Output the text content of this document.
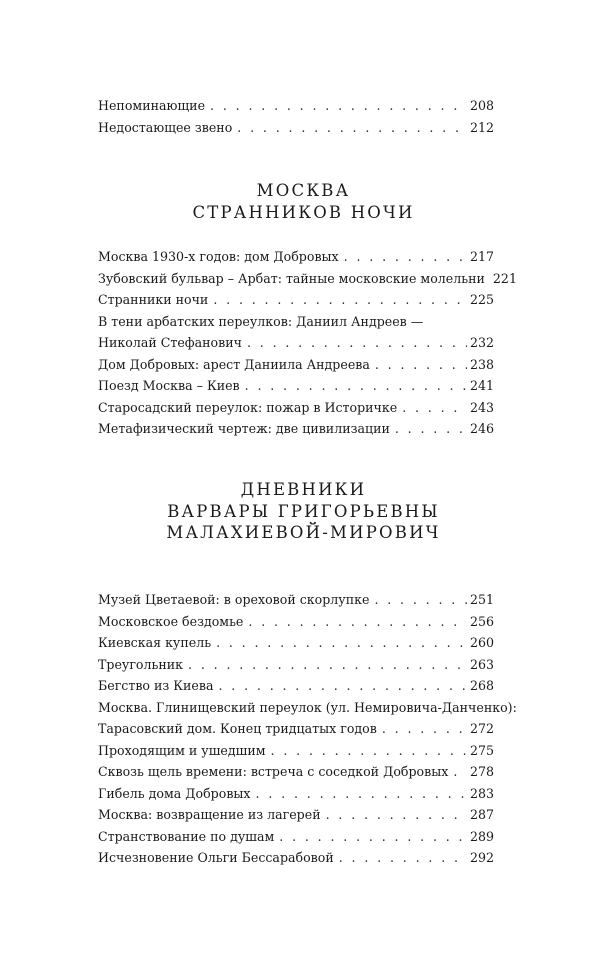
Непоминающие . . .	208
Недостающее звено . . .	212
МОСКВА
СТРАННИКОВ НОЧИ
Москва 1930-х годов: дом Добровых . . .	217
Зубовский бульвар – Арбат: тайные московские молельни 221
Странники ночи . . .	225
В тени арбатских переулков: Даниил Андреев —
Николай Стефанович . . .	232
Дом Добровых: арест Даниила Андреева . . .	238
Поезд Москва – Киев . . .	241
Старосадский переулок: пожар в Историчке . . .	243
Метафизический чертеж: две цивилизации . . .	246
ДНЕВНИКИ
ВАРВАРЫ ГРИГОРЬЕВНЫ
МАЛАХИЕВОЙ-МИРОВИЧ
Музей Цветаевой: в ореховой скорлупке . . .	251
Московское бездомье . . .	256
Киевская купель . . .	260
Треугольник . . .	263
Бегство из Киева . . .	268
Москва. Глинищевский переулок (ул. Немировича-Данченко):
Тарасовский дом. Конец тридцатых годов . . .	272
Проходящим и ушедшим . . .	275
Сквозь щель времени: встреча с соседкой Добровых . . . 278
Гибель дома Добровых . . .	283
Москва: возвращение из лагерей . . .	287
Странствование по душам . . .	289
Исчезновение Ольги Бессарабовой . . .	292
